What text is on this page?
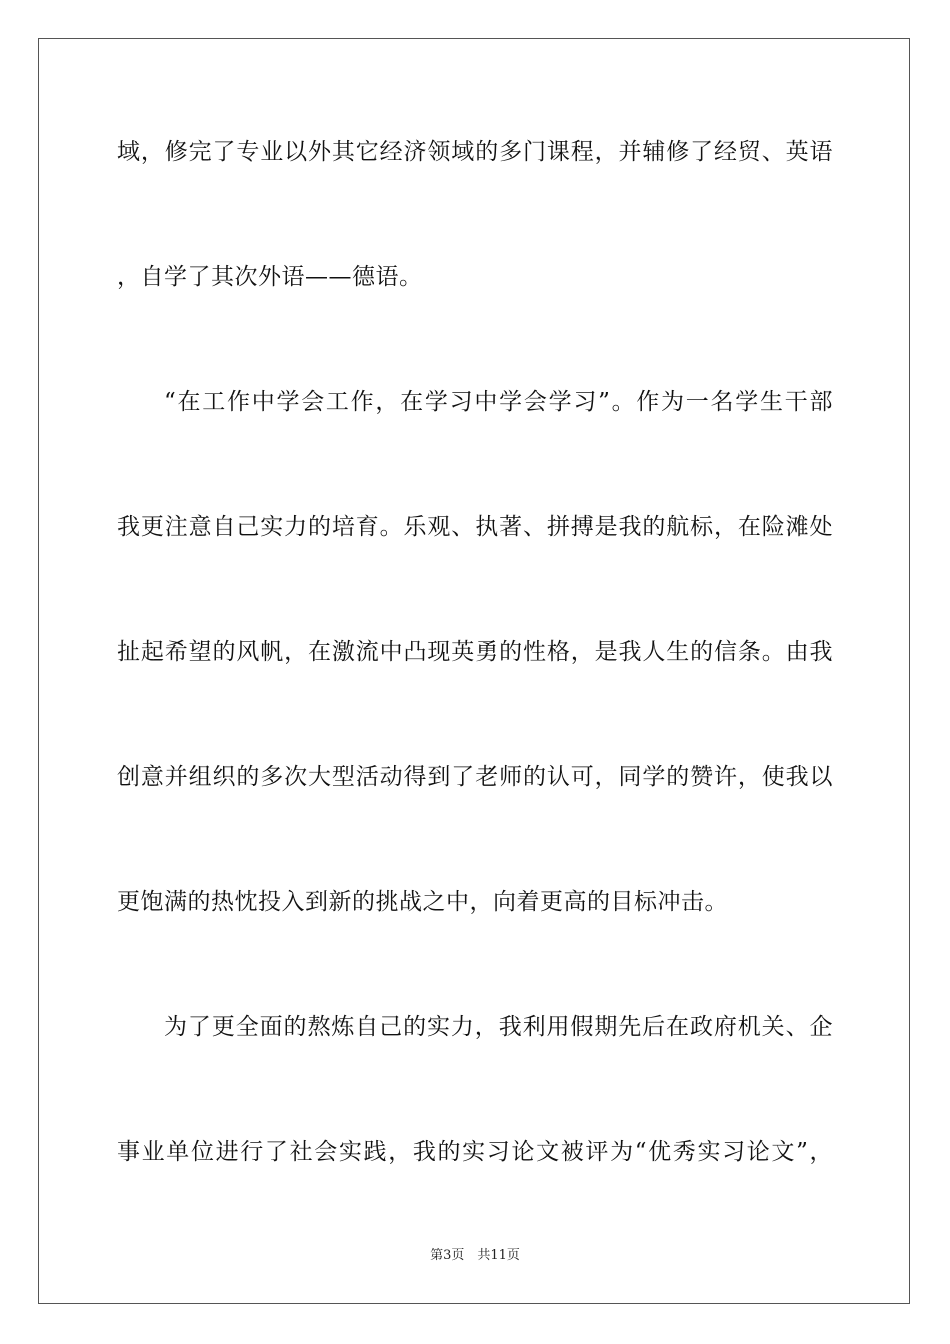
域，修完了专业以外其它经济领域的多门课程，并辅修了经贸、英语
，自学了其次外语——德语。
“在工作中学会工作，在学习中学会学习”。作为一名学生干部
我更注意自己实力的培育。乐观、执著、拼搏是我的航标，在险滩处
扯起希望的风帆，在激流中凸现英勇的性格，是我人生的信条。由我
创意并组织的多次大型活动得到了老师的认可，同学的赞许，使我以
更饱满的热忱投入到新的挑战之中，向着更高的目标冲击。
为了更全面的熬炼自己的实力，我利用假期先后在政府机关、企
事业单位进行了社会实践，我的实习论文被评为“优秀实习论文”，
第3页　共11页
